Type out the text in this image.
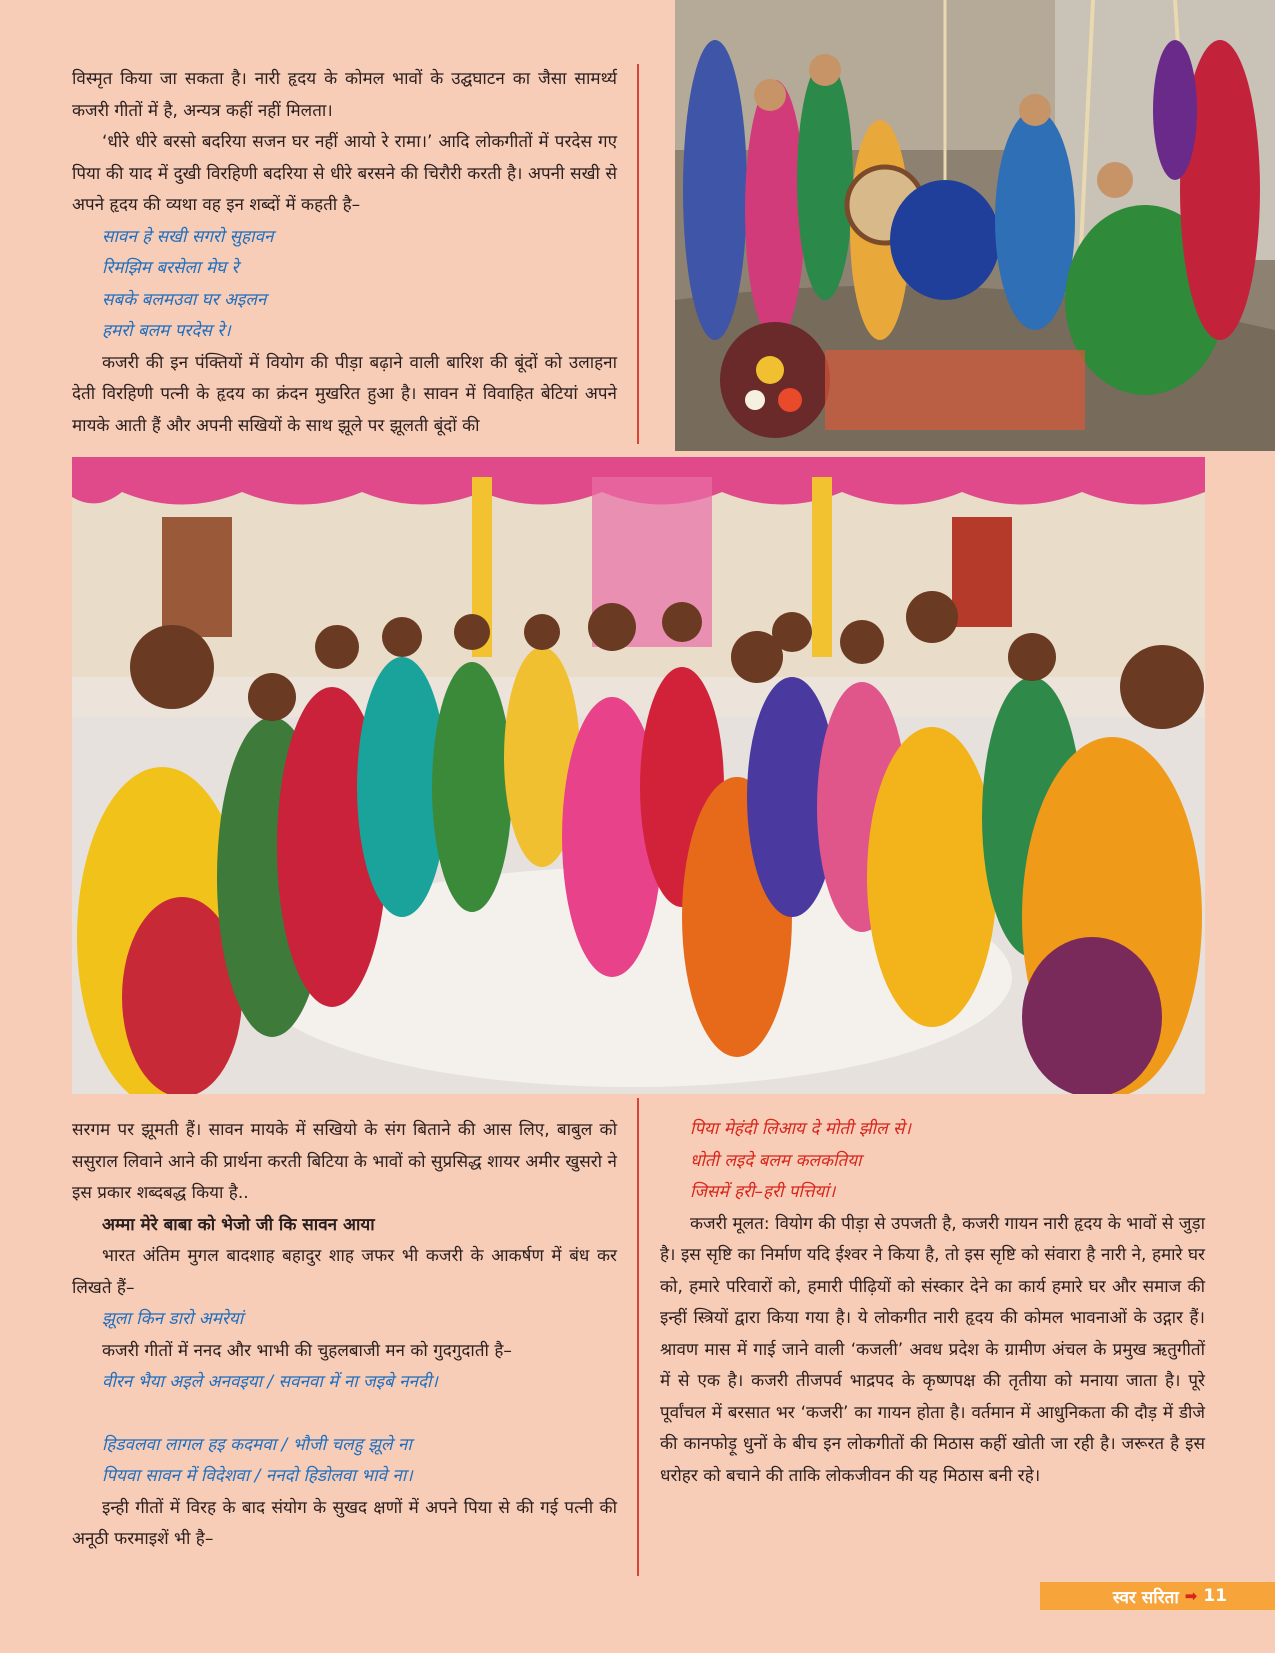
विस्मृत किया जा सकता है। नारी हृदय के कोमल भावों के उद्घघाटन का जैसा सामर्थ्य कजरी गीतों में है, अन्यत्र कहीं नहीं मिलता।

‘धीरे धीरे बरसो बदरिया सजन घर नहीं आयो रे रामा।’ आदि लोकगीतों में परदेस गए पिया की याद में दुखी विरहिणी बदरिया से धीरे बरसने की चिरौरी करती है। अपनी सखी से अपने हृदय की व्यथा वह इन शब्दों में कहती है–

सावन हे सखी सगरो सुहावन

रिमझिम बरसेला मेघ रे

सबके बलमउवा घर अइलन

हमरो बलम परदेस रे।

कजरी की इन पंक्तियों में वियोग की पीड़ा बढ़ाने वाली बारिश की बूंदों को उलाहना देती विरहिणी पत्नी के हृदय का क्रंदन मुखरित हुआ है। सावन में विवाहित बेटियां अपने मायके आती हैं और अपनी सखियों के साथ झूले पर झूलती बूंदों की

सरगम पर झूमती हैं। सावन मायके में सखियो के संग बिताने की आस लिए, बाबुल को ससुराल लिवाने आने की प्रार्थना करती बिटिया के भावों को सुप्रसिद्ध शायर अमीर खुसरो ने इस प्रकार शब्दबद्ध किया है..

अम्मा मेरे बाबा को भेजो जी कि सावन आया

भारत अंतिम मुगल बादशाह बहादुर शाह जफर भी कजरी के आकर्षण में बंध कर लिखते हैं–

झूला किन डारो अमरेयां

कजरी गीतों में ननद और भाभी की चुहलबाजी मन को गुदगुदाती है–

वीरन भैया अइले अनवइया / सवनवा में ना जइबे ननदी।

हिडवलवा लागल हइ कदमवा / भौजी चलहु झूले ना

पियवा सावन में विदेशवा / ननदो हिडोलवा भावे ना।

इन्ही गीतों में विरह के बाद संयोग के सुखद क्षणों में अपने पिया से की गई पत्नी की अनूठी फरमाइशें भी है–

पिया मेहंदी लिआय दे मोती झील से।

धोती लइदे बलम कलकतिया

जिसमें हरी–हरी पत्तियां।

कजरी मूलत: वियोग की पीड़ा से उपजती है, कजरी गायन नारी हृदय के भावों से जुड़ा है। इस सृष्टि का निर्माण यदि ईश्वर ने किया है, तो इस सृष्टि को संवारा है नारी ने, हमारे घर को, हमारे परिवारों को, हमारी पीढ़ियों को संस्कार देने का कार्य हमारे घर और समाज की इन्हीं स्त्रियों द्वारा किया गया है। ये लोकगीत नारी हृदय की कोमल भावनाओं के उद्गार हैं। श्रावण मास में गाई जाने वाली ‘कजली’ अवध प्रदेश के ग्रामीण अंचल के प्रमुख ऋतुगीतों में से एक है। कजरी तीजपर्व भाद्रपद के कृष्णपक्ष की तृतीया को मनाया जाता है। पूरे पूर्वांचल में बरसात भर ‘कजरी’ का गायन होता है। वर्तमान में आधुनिकता की दौड़ में डीजे की कानफोड़ू धुनों के बीच इन लोकगीतों की मिठास कहीं खोती जा रही है। जरूरत है इस धरोहर को बचाने की ताकि लोकजीवन की यह मिठास बनी रहे।

स्वर सरिता ➡ 11
